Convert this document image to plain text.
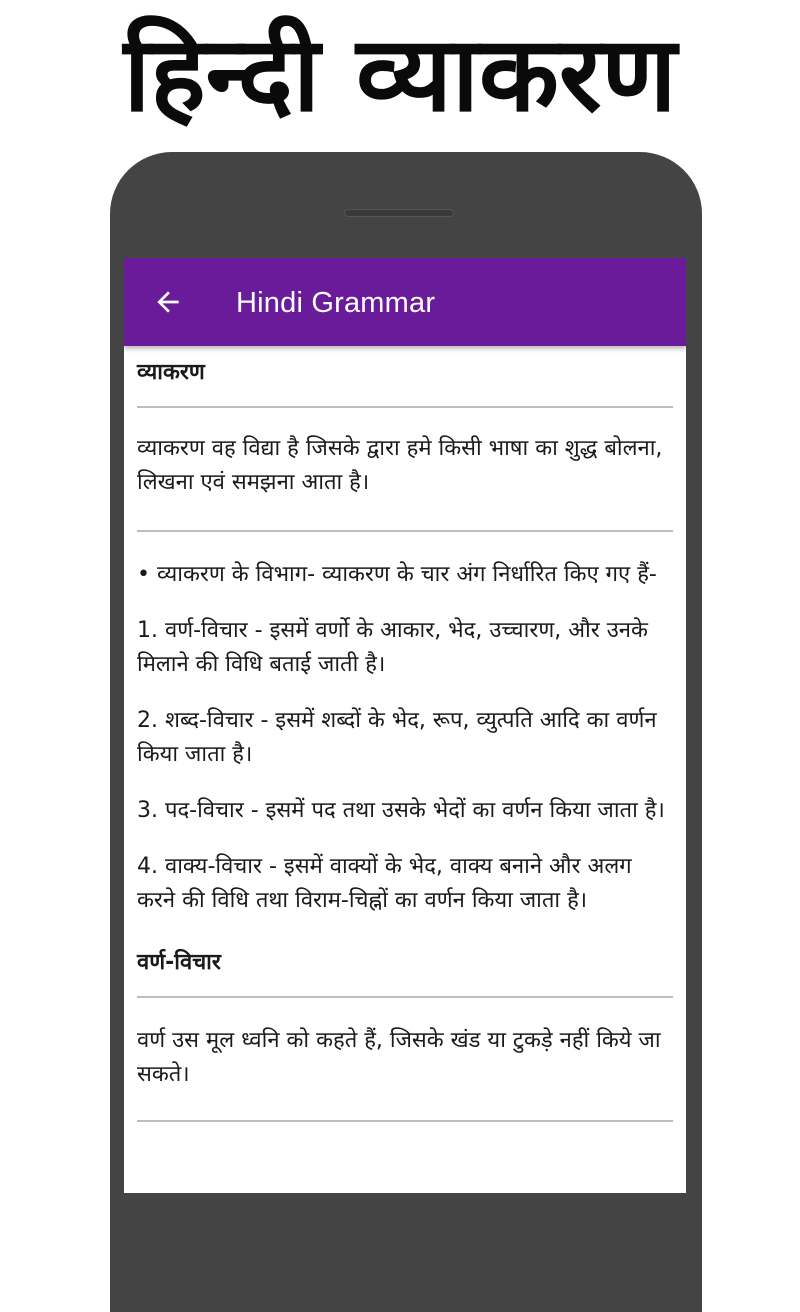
हिन्दी व्याकरण
Hindi Grammar
व्याकरण
व्याकरण वह विद्या है जिसके द्वारा हमे किसी भाषा का शुद्ध बोलना, लिखना एवं समझना आता है।
• व्याकरण के विभाग- व्याकरण के चार अंग निर्धारित किए गए हैं-
1. वर्ण-विचार - इसमें वर्णो के आकार, भेद, उच्चारण, और उनके मिलाने की विधि बताई जाती है।
2. शब्द-विचार - इसमें शब्दों के भेद, रूप, व्युत्पति आदि का वर्णन किया जाता है।
3. पद-विचार - इसमें पद तथा उसके भेदों का वर्णन किया जाता है।
4. वाक्य-विचार - इसमें वाक्यों के भेद, वाक्य बनाने और अलग करने की विधि तथा विराम-चिह्नों का वर्णन किया जाता है।
वर्ण-विचार
वर्ण उस मूल ध्वनि को कहते हैं, जिसके खंड या टुकड़े नहीं किये जा सकते।
